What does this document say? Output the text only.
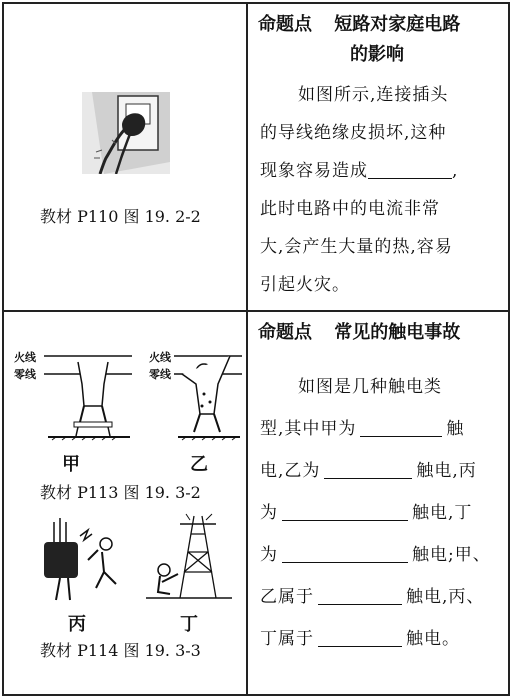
教材 P110 图 19. 2-2
命题点 短路对家庭电路
的影响
如图所示,连接插头
的导线绝缘皮损坏,这种
现象容易造成	,
此时电路中的电流非常
大,会产生大量的热,容易
引起火灾。
火线
零线
火线
零线
甲	乙
教材 P113 图 19. 3-2
丙	丁
教材 P114 图 19. 3-3
命题点 常见的触电事故
如图是几种触电类
型,其中甲为	触
电,乙为	触电,丙
为	触电,丁
为	触电;甲、
乙属于	触电,丙、
丁属于	触电。
